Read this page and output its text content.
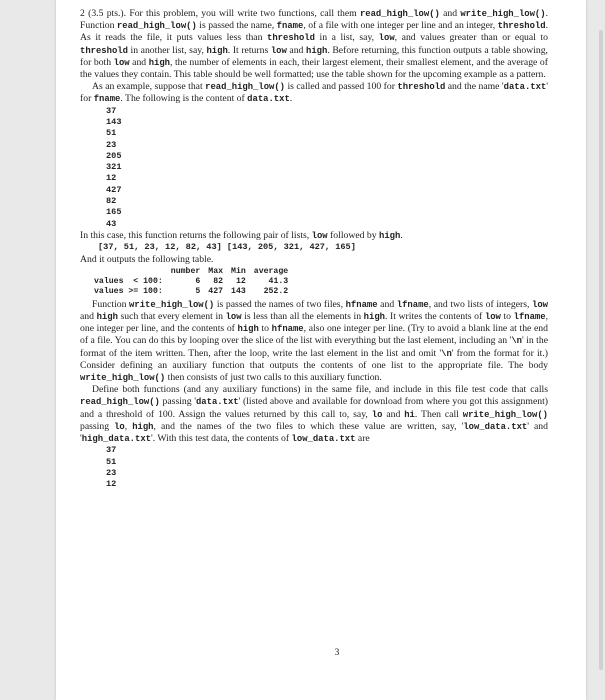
2 (3.5 pts.). For this problem, you will write two functions, call them read_high_low() and write_high_low(). Function read_high_low() is passed the name, fname, of a file with one integer per line and an integer, threshold. As it reads the file, it puts values less than threshold in a list, say, low, and values greater than or equal to threshold in another list, say, high. It returns low and high. Before returning, this function outputs a table showing, for both low and high, the number of elements in each, their largest element, their smallest element, and the average of the values they contain. This table should be well formatted; use the table shown for the upcoming example as a pattern.

As an example, suppose that read_high_low() is called and passed 100 for threshold and the name 'data.txt' for fname. The following is the content of data.txt.

37
143
51
23
205
321
12
427
82
165
43

In this case, this function returns the following pair of lists, low followed by high.

[37, 51, 23, 12, 82, 43] [143, 205, 321, 427, 165]

And it outputs the following table.

	number	Max	Min	average
values  < 100:	6	82	12	41.3
values >= 100:	5	427	143	252.2

Function write_high_low() is passed the names of two files, hfname and lfname, and two lists of integers, low and high such that every element in low is less than all the elements in high. It writes the contents of low to lfname, one integer per line, and the contents of high to hfname, also one integer per line. (Try to avoid a blank line at the end of a file. You can do this by looping over the slice of the list with everything but the last element, including an '\n' in the format of the item written. Then, after the loop, write the last element in the list and omit '\n' from the format for it.) Consider defining an auxiliary function that outputs the contents of one list to the appropriate file. The body write_high_low() then consists of just two calls to this auxiliary function.

Define both functions (and any auxiliary functions) in the same file, and include in this file test code that calls read_high_low() passing 'data.txt' (listed above and available for download from where you got this assignment) and a threshold of 100. Assign the values returned by this call to, say, lo and hi. Then call write_high_low() passing lo, high, and the names of the two files to which these value are written, say, 'low_data.txt' and 'high_data.txt'. With this test data, the contents of low_data.txt are

37
51
23
12
3
